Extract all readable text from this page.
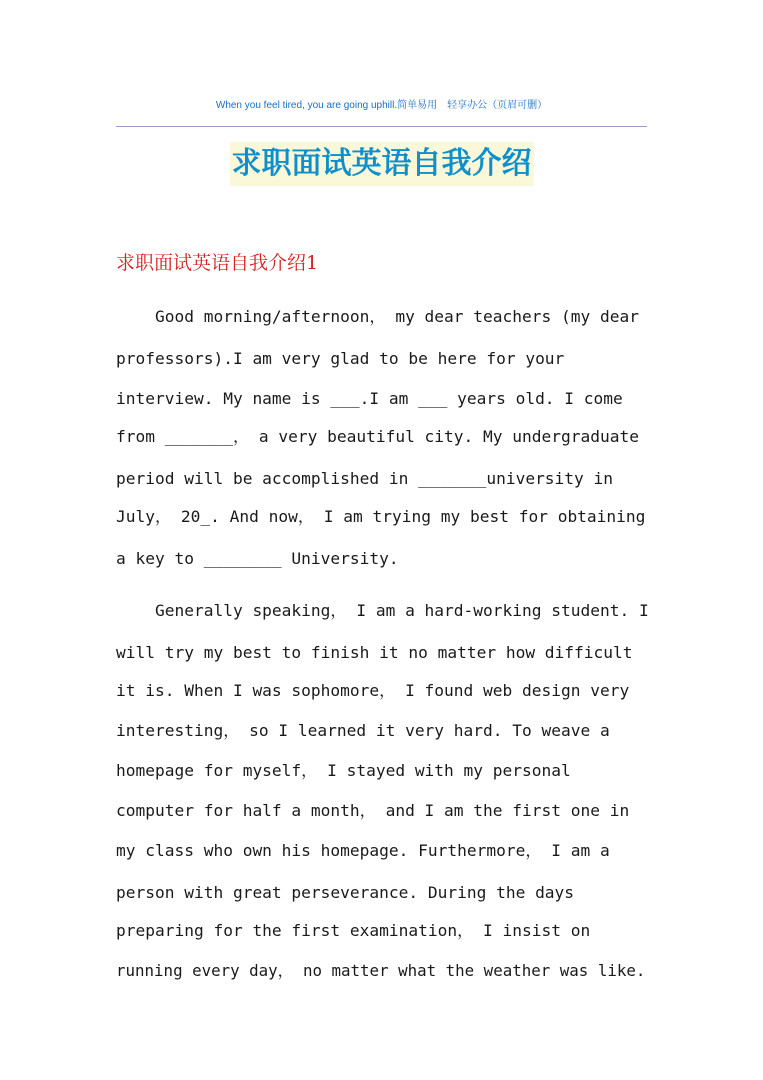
When you feel tired, you are going uphill.简单易用　轻享办公（页眉可删）
求职面试英语自我介绍
求职面试英语自我介绍1
Good morning/afternoon， my dear teachers (my dear
professors).I am very glad to be here for your
interview. My name is ___.I am ___ years old. I come
from _______， a very beautiful city. My undergraduate
period will be accomplished in _______university in
July， 20_. And now， I am trying my best for obtaining
a key to ________ University.
Generally speaking， I am a hard-working student. I
will try my best to finish it no matter how difficult
it is. When I was sophomore， I found web design very
interesting， so I learned it very hard. To weave a
homepage for myself， I stayed with my personal
computer for half a month， and I am the first one in
my class who own his homepage. Furthermore， I am a
person with great perseverance. During the days
preparing for the first examination， I insist on
running every day， no matter what the weather was like.
